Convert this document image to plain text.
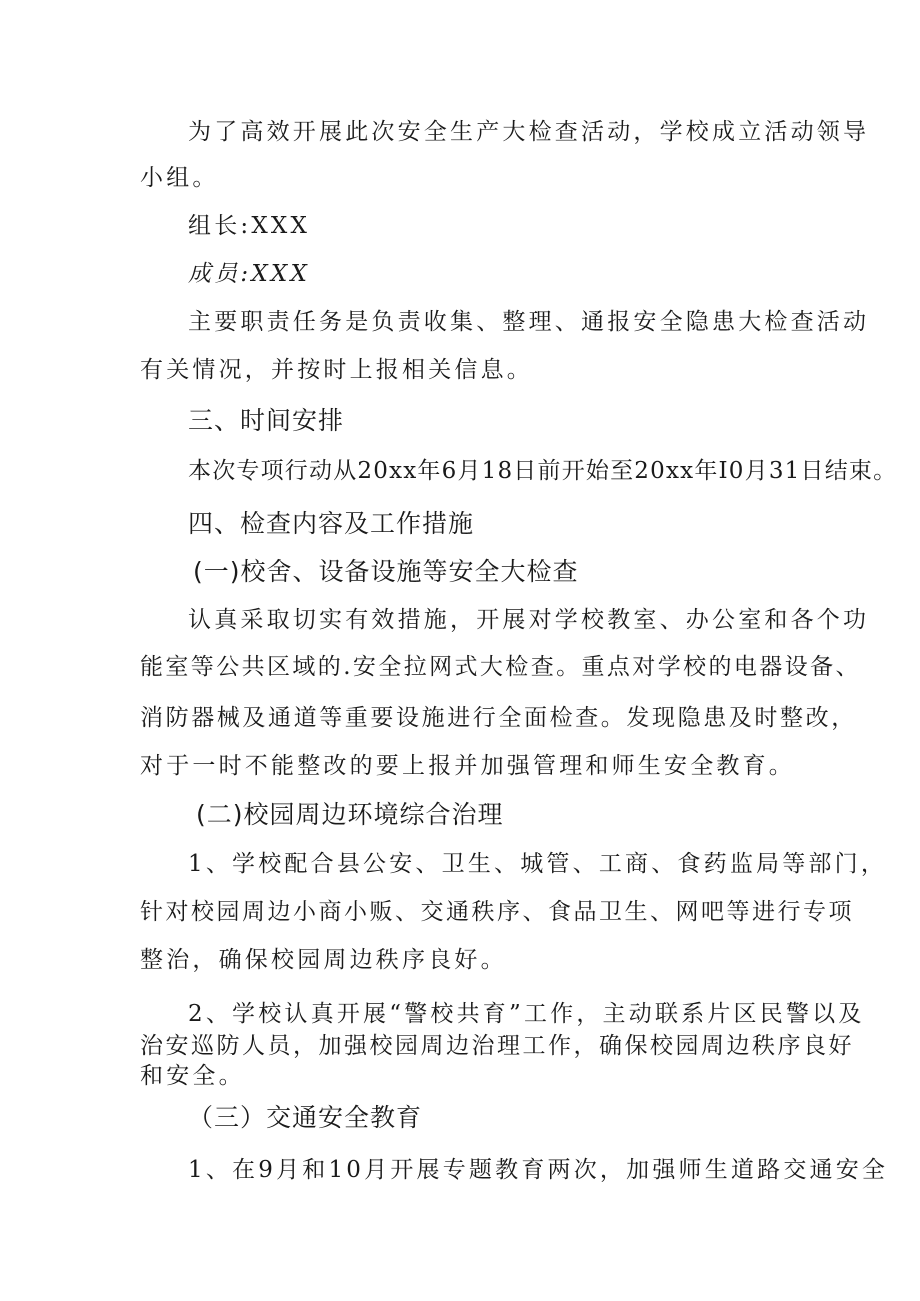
为了高效开展此次安全生产大检查活动，学校成立活动领导
小组。
组长:XXX
成员:XXX
主要职责任务是负责收集、整理、通报安全隐患大检查活动
有关情况，并按时上报相关信息。
三、时间安排
本次专项行动从20xx年6月18日前开始至20xx年I0月31日结束。
四、检查内容及工作措施
(一)校舍、设备设施等安全大检查
认真采取切实有效措施，开展对学校教室、办公室和各个功
能室等公共区域的.安全拉网式大检查。重点对学校的电器设备、
消防器械及通道等重要设施进行全面检查。发现隐患及时整改，
对于一时不能整改的要上报并加强管理和师生安全教育。
(二)校园周边环境综合治理
1、学校配合县公安、卫生、城管、工商、食药监局等部门，
针对校园周边小商小贩、交通秩序、食品卫生、网吧等进行专项
整治，确保校园周边秩序良好。
2、学校认真开展“警校共育”工作，主动联系片区民警以及
治安巡防人员，加强校园周边治理工作，确保校园周边秩序良好
和安全。
（三）交通安全教育
1、在9月和10月开展专题教育两次，加强师生道路交通安全
